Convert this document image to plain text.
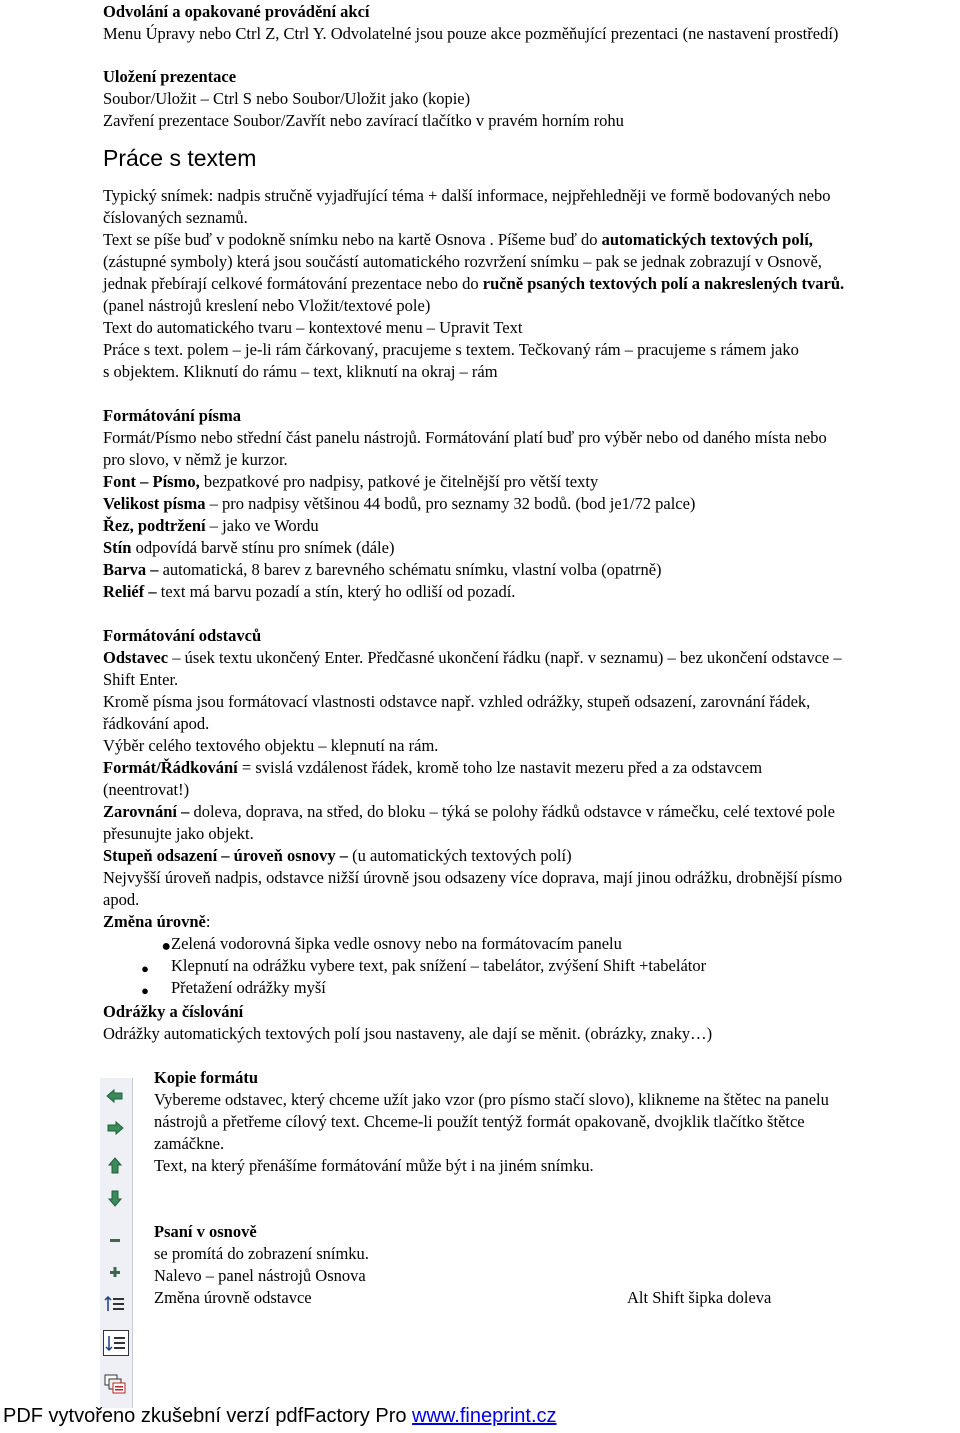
Odvolání a opakované provádění akcí
Menu Úpravy nebo Ctrl Z, Ctrl Y. Odvolatelné jsou pouze akce pozměňující prezentaci (ne nastavení prostředí)
Uložení prezentace
Soubor/Uložit – Ctrl S nebo Soubor/Uložit jako (kopie)
Zavření prezentace Soubor/Zavřít nebo zavírací tlačítko v pravém horním rohu
Práce s textem
Typický snímek: nadpis stručně vyjadřující téma + další informace, nejpřehledněji ve formě bodovaných nebo
číslovaných seznamů.
Text se píše buď v podokně snímku nebo na kartě Osnova . Píšeme buď do automatických textových polí,
(zástupné symboly) která jsou součástí automatického rozvržení snímku – pak se jednak zobrazují v Osnově,
jednak přebírají celkové formátování prezentace nebo do ručně psaných textových polí a nakreslených tvarů.
(panel nástrojů kreslení nebo Vložit/textové pole)
Text do automatického tvaru – kontextové menu – Upravit Text
Práce s text. polem – je-li rám čárkovaný, pracujeme s textem. Tečkovaný rám – pracujeme s rámem jako
s objektem. Kliknutí do rámu – text, kliknutí na okraj – rám
Formátování písma
Formát/Písmo nebo střední část panelu nástrojů. Formátování platí buď pro výběr nebo od daného místa nebo
pro slovo, v němž je kurzor.
Font – Písmo, bezpatkové pro nadpisy, patkové je čitelnější pro větší texty
Velikost písma – pro nadpisy většinou 44 bodů, pro seznamy 32 bodů. (bod je1/72 palce)
Řez, podtržení – jako ve Wordu
Stín odpovídá barvě stínu pro snímek (dále)
Barva – automatická, 8 barev z barevného schématu snímku, vlastní volba (opatrně)
Reliéf – text má barvu pozadí a stín, který ho odliší od pozadí.
Formátování odstavců
Odstavec – úsek textu ukončený Enter. Předčasné ukončení řádku (např. v seznamu) – bez ukončení odstavce –
Shift Enter.
Kromě písma jsou formátovací vlastnosti odstavce např. vzhled odrážky, stupeň odsazení, zarovnání řádek,
řádkování apod.
Výběr celého textového objektu – klepnutí na rám.
Formát/Řádkování = svislá vzdálenost řádek, kromě toho lze nastavit mezeru před a za odstavcem
(neentrovat!)
Zarovnání – doleva, doprava, na střed, do bloku – týká se polohy řádků odstavce v rámečku, celé textové pole
přesunujte jako objekt.
Stupeň odsazení – úroveň osnovy – (u automatických textových polí)
Nejvyšší úroveň nadpis, odstavce nižší úrovně jsou odsazeny více doprava, mají jinou odrážku, drobnější písmo
apod.
Změna úrovně:
● Zelená vodorovná šipka vedle osnovy nebo na formátovacím panelu
● Klepnutí na odrážku vybere text, pak snížení – tabelátor, zvýšení Shift +tabelátor
● Přetažení odrážky myší
Odrážky a číslování
Odrážky automatických textových polí jsou nastaveny, ale dají se měnit. (obrázky, znaky…)
Kopie formátu
Vybereme odstavec, který chceme užít jako vzor (pro písmo stačí slovo), klikneme na štětec na panelu
nástrojů a přetřeme cílový text. Chceme-li použít tentýž formát opakovaně, dvojklik tlačítko štětce
zamáčkne.
Text, na který přenášíme formátování může být i na jiném snímku.
Psaní v osnově
se promítá do zobrazení snímku.
Nalevo – panel nástrojů Osnova
Změna úrovně odstavce	Alt Shift šipka doleva
PDF vytvořeno zkušební verzí pdfFactory Pro www.fineprint.cz
